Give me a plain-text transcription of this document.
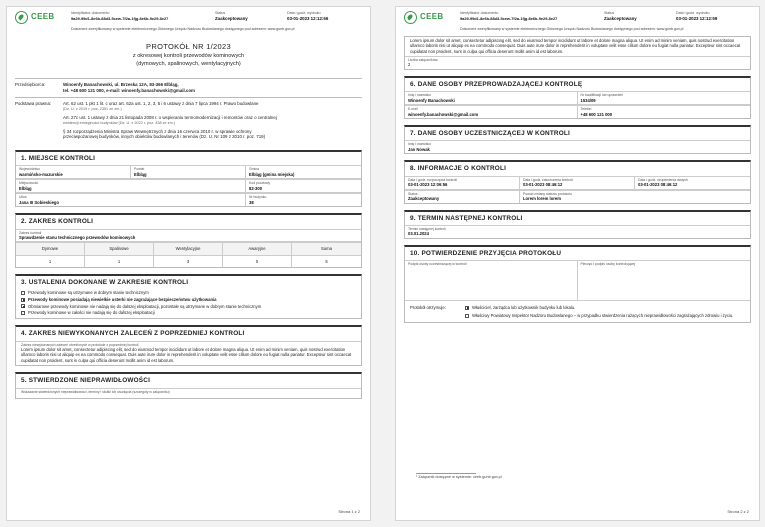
CEEB	Identyfikator dokumentu
9a29-99d1-8e6b-88d3-5cew-7f2a-1fjg-8e6b-9e29-8e27
Status
Zaakceptowany
Data i godz. wydruku
03-01-2023 12:12:66
Dokument zweryfikowany w systemie elektronicznego Głównego Urzędu Nadzoru Budowlanego dostępnego pod adresem: www.gunb.gov.pl
PROTOKÓŁ NR 1/2023
z okresowej kontroli przewodów kominowych
(dymowych, spalinowych, wentylacyjnych)
Przedsiębiorca:	Winoenfy Banachowski, ul. Brzeska 12A, 83-366 Elbląg,
tel. +48 600 121 000, e-mail: winoenfy.banachowski@gmail.com
Podstawa prawna:	Art. 62 ust. 1 pkt 1 lit. c oraz art. 62a ust. 1, 2, 3, 5 i 6 ustawy z dnia 7 lipca 1994 r. Prawo budowlane
(Dz. U. z 2019 r. poz. 2351 ze zm.)
Art. 27c ust. 1 ustawy z dnia 21 listopada 2008 r. o wspieraniu termomodernizacji i remontów oraz o centralnej
ewidencji emisyjności budynków (Dz. U. z 2022 r. poz. 438 ze zm.)
§ 34 rozporządzenia Ministra Spraw Wewnętrznych z dnia 16 czerwca 2010 r. w sprawie ochrony
przeciwpożarowej budynków, innych obiektów budowlanych i terenów (Dz. U. Nr 109 z 2010 r. poz. 719)
1. MIEJSCE KONTROLI
Województwo
warmińsko-mazurskie
Powiat
Elbląg
Gmina
Elbląg (gmina miejska)
Miejscowość
Elbląg
Kod pocztowy
82-300
Ulica
Jana III Sobieskiego
Nr budynku
38
2. ZAKRES KONTROLI
Zakres kontroli
Sprawdzenie stanu technicznego przewodów kominowych
Dymowe	Spalinowe	Wentylacyjne	Awaryjne	Suma
1	1	3	0	5
3. USTALENIA DOKONANE W ZAKRESIE KONTROLI
Przewody kominowe są utrzymane w dobrym stanie technicznym
Przewody kominowe posiadają niewielkie usterki nie zagrażające bezpieczeństwu użytkowania
Obmiarowe przewody kominowe nie nadają się do dalszej eksploatacji, pozostałe są utrzymane w dobrym stanie technicznym
Przewody kominowe w całości nie nadają się do dalszej eksploatacji
4. ZAKRES NIEWYKONANYCH ZALECEŃ Z POPRZEDNIEJ KONTROLI
Zakres niewykonanych zaleceń określonych w protokole z poprzedniej kontroli
Lorem ipsum dolor sit amet, consectetur adipiscing elit, sed do eiusmod tempor incididunt ut labore et dolore magna aliqua. Ut enim ad minim veniam, quis nostrud exercitation ullamco laboris nisi ut aliquip ex ea commodo consequat. Duis aute irure dolor in reprehenderit in voluptate velit esse cillum dolore eu fugiat nulla pariatur. Excepteur sint occaecat cupidatat non proident, sunt in culpa qui officia deserunt mollit anim id est laborum.
5. STWIERDZONE NIEPRAWIDŁOWOŚCI
Wskazanie stwierdzonych nieprawidłowości, terminy i skutki ich usunięcia (szczegóły w załączniku)
Strona 1 z 2
CEEB	Identyfikator dokumentu
9a29-99d1-8e6b-88d3-5cew-7f2a-1fjg-8e6b-9e29-8e27
Status
Zaakceptowany
Data i godz. wydruku
03-01-2023 12:12:59
Dokument zweryfikowany w systemie elektronicznego Głównego Urzędu Nadzoru Budowlanego dostępnego pod adresem: www.gunb.gov.pl
Lorem ipsum dolor sit amet, consectetur adipiscing elit, sed do eiusmod tempor incididunt ut labore et dolore magna aliqua. Ut enim ad minim veniam, quis nostrud exercitation ullamco laboris nisi ut aliquip ex ea commodo consequat. Duis aute irure dolor in reprehenderit in voluptate velit esse cillum dolore eu fugiat nulla pariatur. Excepteur sint occaecat cupidatat non proident, sunt in culpa qui officia deserunt mollit anim id est laborum.
Liczba załączników¹
2
6. DANE OSOBY PRZEPROWADZAJĄCEJ KONTROLĘ
Imię i nazwisko
Winoenfy Banachowski
Nr kwalifikacji lub uprawnień
1534/09
E-mail
winoenfy.banachowski@gmail.com
Telefon
+48 600 121 000
7. DANE OSOBY UCZESTNICZĄCEJ W KONTROLI
Imię i nazwisko
Jan Nowak
8. INFORMACJE O KONTROLI
Data i godz. rozpoczęcia kontroli
03-01-2023 12:06:56
Data i godz. zakończenia kontroli
03-01-2023 08:46:12
Data i godz. uzupełnienia danych
03-01-2023 08:46:12
Status
Zaakceptowany
Powód zmiany statusu protokołu
Lorem lorem lorem
9. TERMIN NASTĘPNEJ KONTROLI
Termin następnej kontroli
03.01.2024
10. POTWIERDZENIE PRZYJĘCIA PROTOKOŁU
Podpis osoby uczestniczącej w kontroli	Pieczęć i podpis osoby kontrolującej
Protokół otrzymuje:	Właściciel, zarządca lub użytkownik budynku lub lokalu.
Właściwy Powiatowy Inspektor Nadzoru Budowlanego – w przypadku stwierdzenia rażących nieprawidłowości zagrażających zdrowiu i życiu.
¹ Załącznik dostępne w systemie: ceeb.gunb.gov.pl
Strona 2 z 2
